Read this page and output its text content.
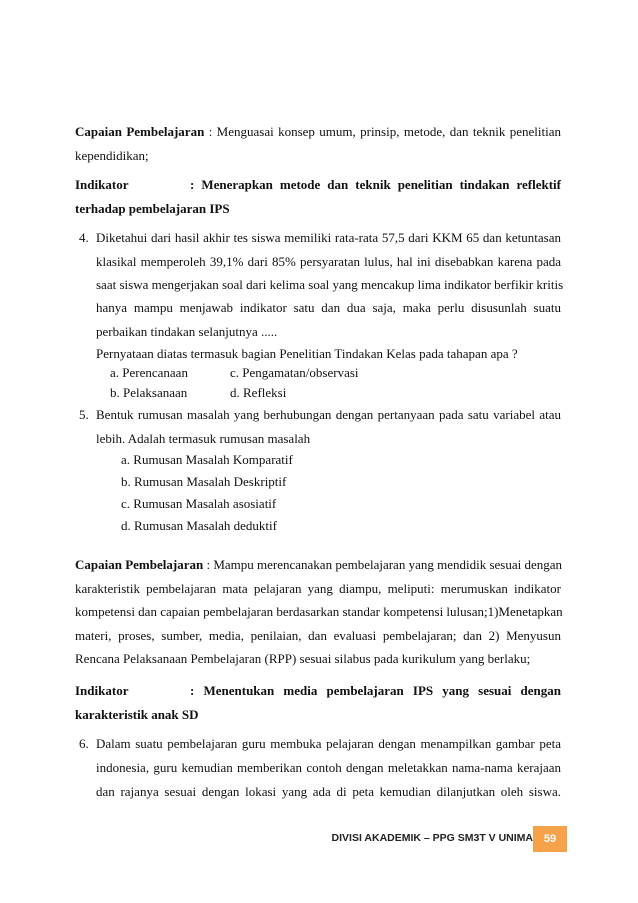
Capaian Pembelajaran : Menguasai konsep umum, prinsip, metode, dan teknik penelitian
kependidikan;
Indikator	: Menerapkan metode dan teknik penelitian tindakan reflektif
terhadap pembelajaran IPS
4. Diketahui dari hasil akhir tes siswa memiliki rata-rata 57,5 dari KKM 65 dan ketuntasan
klasikal memperoleh 39,1% dari 85% persyaratan lulus, hal ini disebabkan karena pada
saat siswa mengerjakan soal dari kelima soal yang mencakup lima indikator berfikir kritis
hanya mampu menjawab indikator satu dan dua saja, maka perlu disusunlah suatu
perbaikan tindakan selanjutnya .....
Pernyataan diatas termasuk bagian Penelitian Tindakan Kelas pada tahapan apa ?
a. Perencanaan	c. Pengamatan/observasi
b. Pelaksanaan	d. Refleksi
5. Bentuk rumusan masalah yang berhubungan dengan pertanyaan pada satu variabel atau
lebih. Adalah termasuk rumusan masalah
a. Rumusan Masalah Komparatif
b. Rumusan Masalah Deskriptif
c. Rumusan Masalah asosiatif
d. Rumusan Masalah deduktif
Capaian Pembelajaran : Mampu merencanakan pembelajaran yang mendidik sesuai dengan
karakteristik pembelajaran mata pelajaran yang diampu, meliputi: merumuskan indikator
kompetensi dan capaian pembelajaran berdasarkan standar kompetensi lulusan;1)Menetapkan
materi, proses, sumber, media, penilaian, dan evaluasi pembelajaran; dan 2) Menyusun
Rencana Pelaksanaan Pembelajaran (RPP) sesuai silabus pada kurikulum yang berlaku;
Indikator	: Menentukan media pembelajaran IPS yang sesuai dengan
karakteristik anak SD
6. Dalam suatu pembelajaran guru membuka pelajaran dengan menampilkan gambar peta
indonesia, guru kemudian memberikan contoh dengan meletakkan nama-nama kerajaan
dan rajanya sesuai dengan lokasi yang ada di peta kemudian dilanjutkan oleh siswa.
DIVISI AKADEMIK – PPG SM3T V UNIMA 59
